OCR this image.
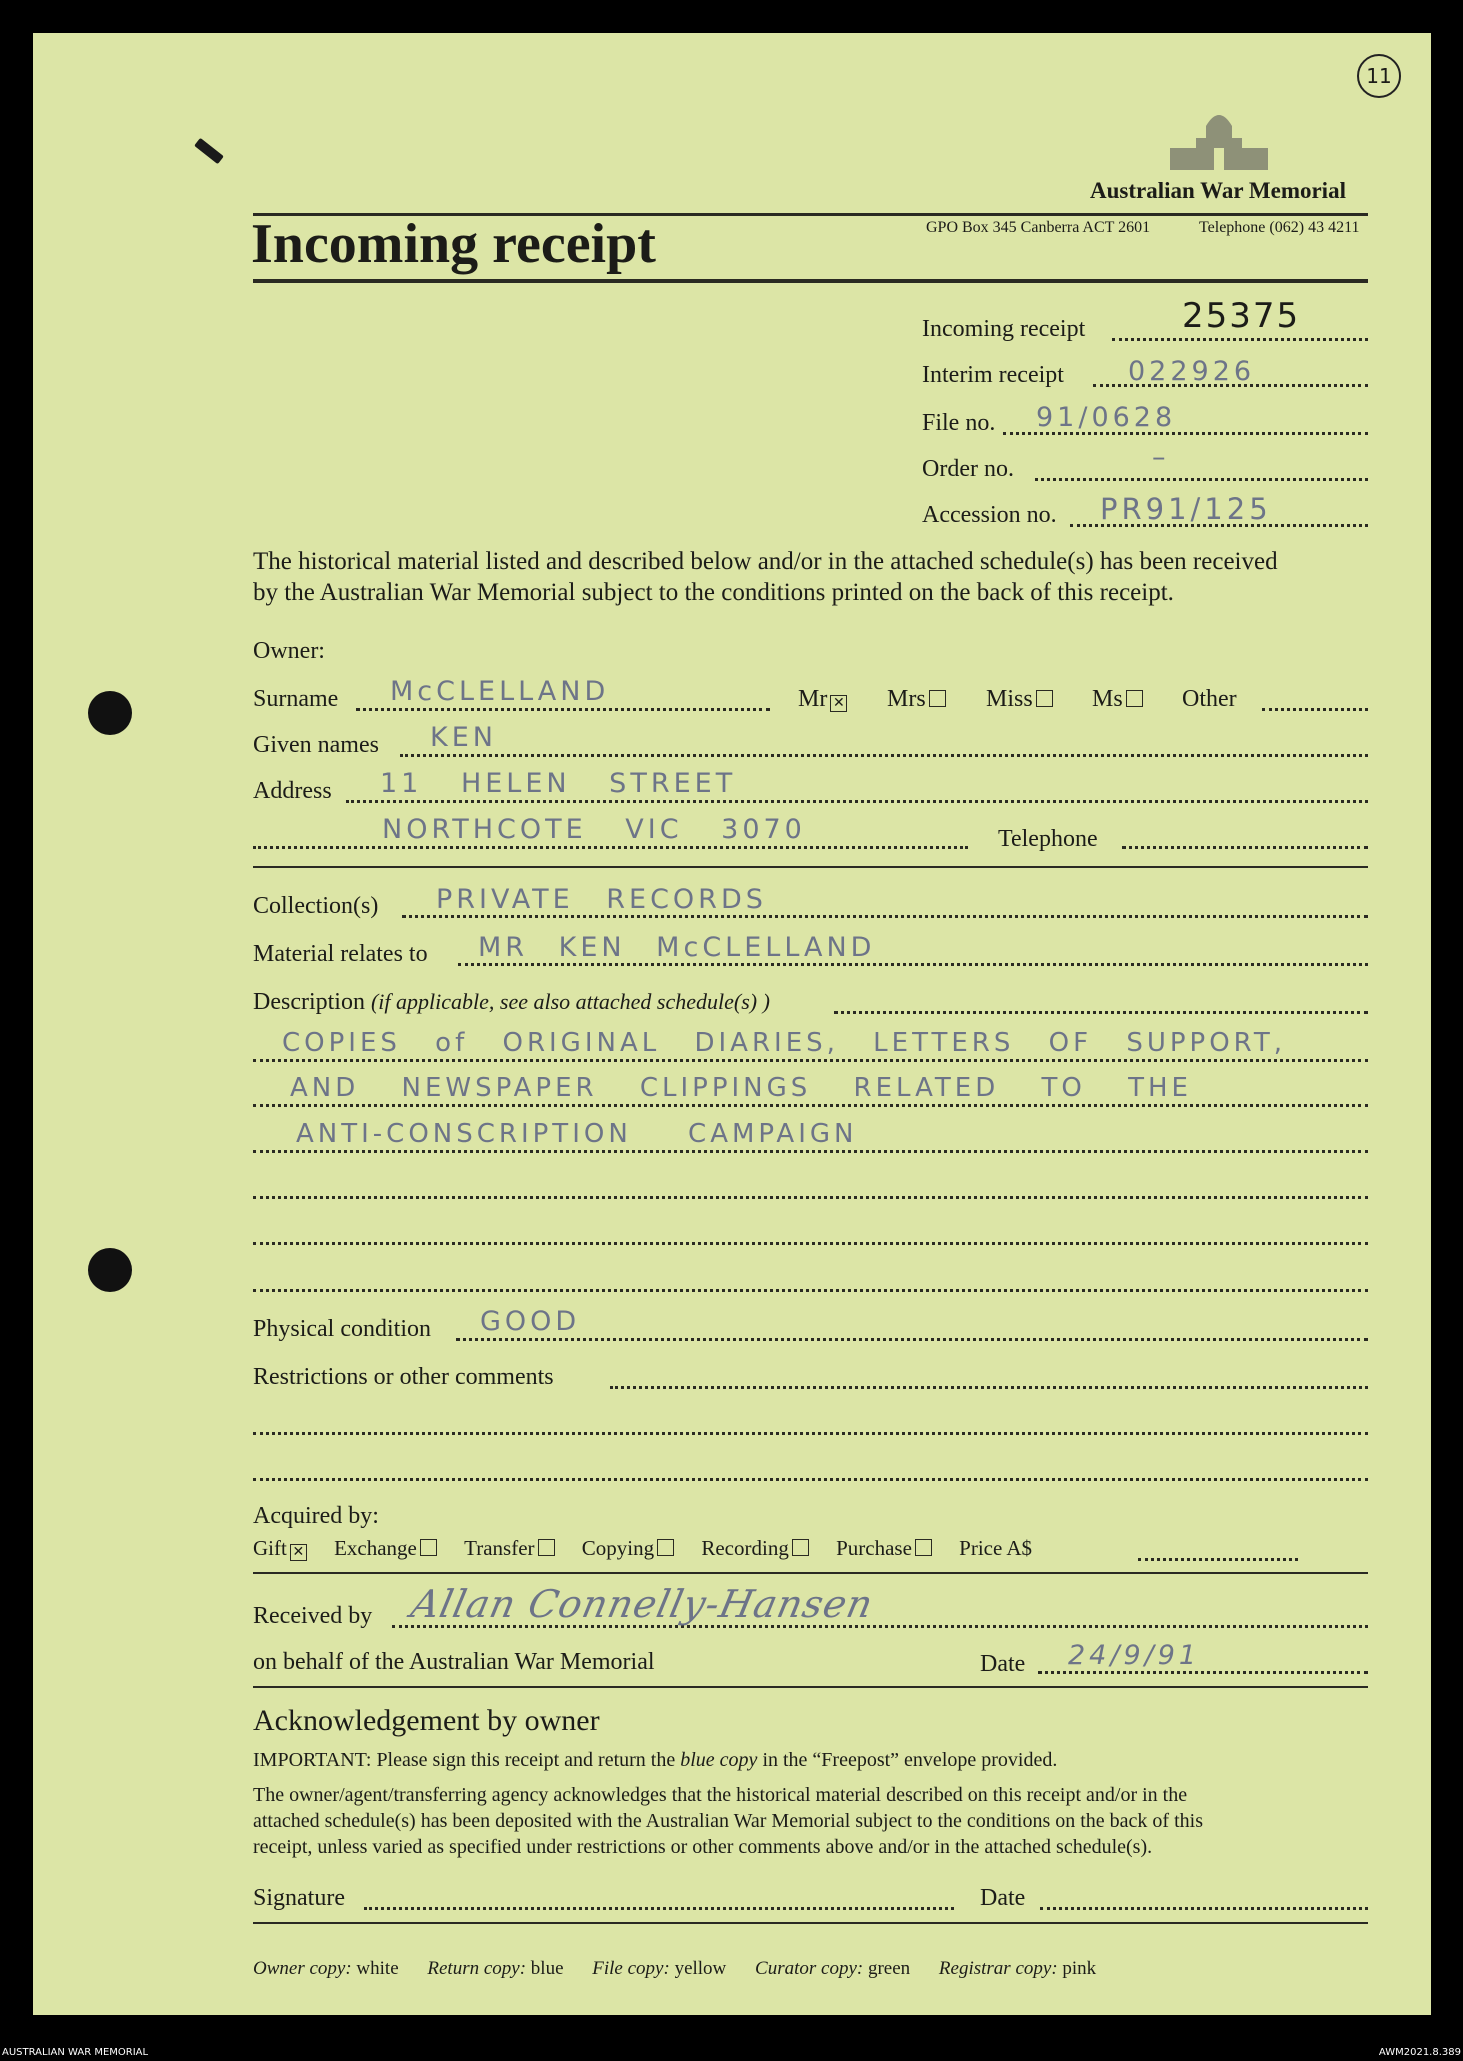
11
Australian War Memorial
Incoming receipt	GPO Box 345 Canberra ACT 2601	Telephone (062) 43 4211
Incoming receipt	25375
Interim receipt 022926
File no. 91/0628
Order no.	–
Accession no. PR91/125
The historical material listed and described below and/or in the attached schedule(s) has been received
by the Australian War Memorial subject to the conditions printed on the back of this receipt.
Owner:
Surname McCLELLAND	Mr ✕ Mrs	Miss	Ms	Other
Given names KEN
Address 11 HELEN STREET
NORTHCOTE VIC 3070	Telephone
Collection(s) PRIVATE RECORDS
Material relates to MR KEN McCLELLAND
Description (if applicable, see also attached schedule(s) )
COPIES of ORIGINAL DIARIES, LETTERS OF SUPPORT,
AND NEWSPAPER CLIPPINGS RELATED TO THE
ANTI-CONSCRIPTION CAMPAIGN
Physical condition GOOD
Restrictions or other comments
Acquired by:
Gift ✕ Exchange Transfer Copying Recording Purchase Price A$
Received by Allan Connelly-Hansen
on behalf of the Australian War Memorial	Date 24/9/91
Acknowledgement by owner
IMPORTANT: Please sign this receipt and return the blue copy in the “Freepost” envelope provided.
The owner/agent/transferring agency acknowledges that the historical material described on this receipt and/or in the
attached schedule(s) has been deposited with the Australian War Memorial subject to the conditions on the back of this
receipt, unless varied as specified under restrictions or other comments above and/or in the attached schedule(s).
Signature	Date
Owner copy: white Return copy: blue File copy: yellow Curator copy: green Registrar copy: pink
AUSTRALIAN WAR MEMORIAL	AWM2021.8.389
